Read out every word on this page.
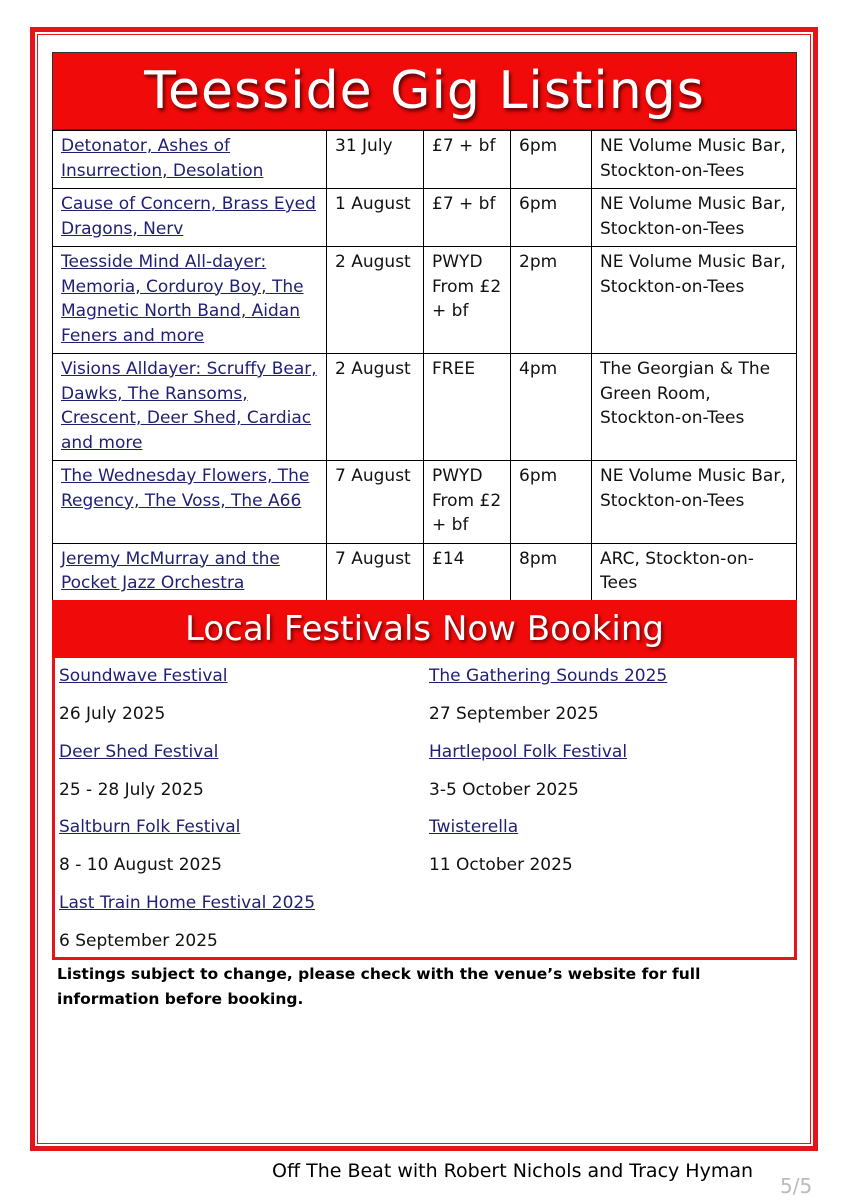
Teesside Gig Listings
Detonator, Ashes of Insurrection, Desolation	31 July	£7 + bf	6pm	NE Volume Music Bar, Stockton-on-Tees
Cause of Concern, Brass Eyed Dragons, Nerv	1 August	£7 + bf	6pm	NE Volume Music Bar, Stockton-on-Tees
Teesside Mind All-dayer: Memoria, Corduroy Boy, The Magnetic North Band, Aidan Feners and more	2 August	PWYD From £2 + bf	2pm	NE Volume Music Bar, Stockton-on-Tees
Visions Alldayer: Scruffy Bear, Dawks, The Ransoms, Crescent, Deer Shed, Cardiac and more	2 August	FREE	4pm	The Georgian & The Green Room, Stockton-on-Tees
The Wednesday Flowers, The Regency, The Voss, The A66	7 August	PWYD From £2 + bf	6pm	NE Volume Music Bar, Stockton-on-Tees
Jeremy McMurray and the Pocket Jazz Orchestra	7 August	£14	8pm	ARC, Stockton-on-Tees
Local Festivals Now Booking
Soundwave Festival
26 July 2025
Deer Shed Festival
25 - 28 July 2025
Saltburn Folk Festival
8 - 10 August 2025
Last Train Home Festival 2025
6 September 2025
The Gathering Sounds 2025
27 September 2025
Hartlepool Folk Festival
3-5 October 2025
Twisterella
11 October 2025
Listings subject to change, please check with the venue’s website for full information before booking.
Off The Beat with Robert Nichols and Tracy Hyman
5/5
